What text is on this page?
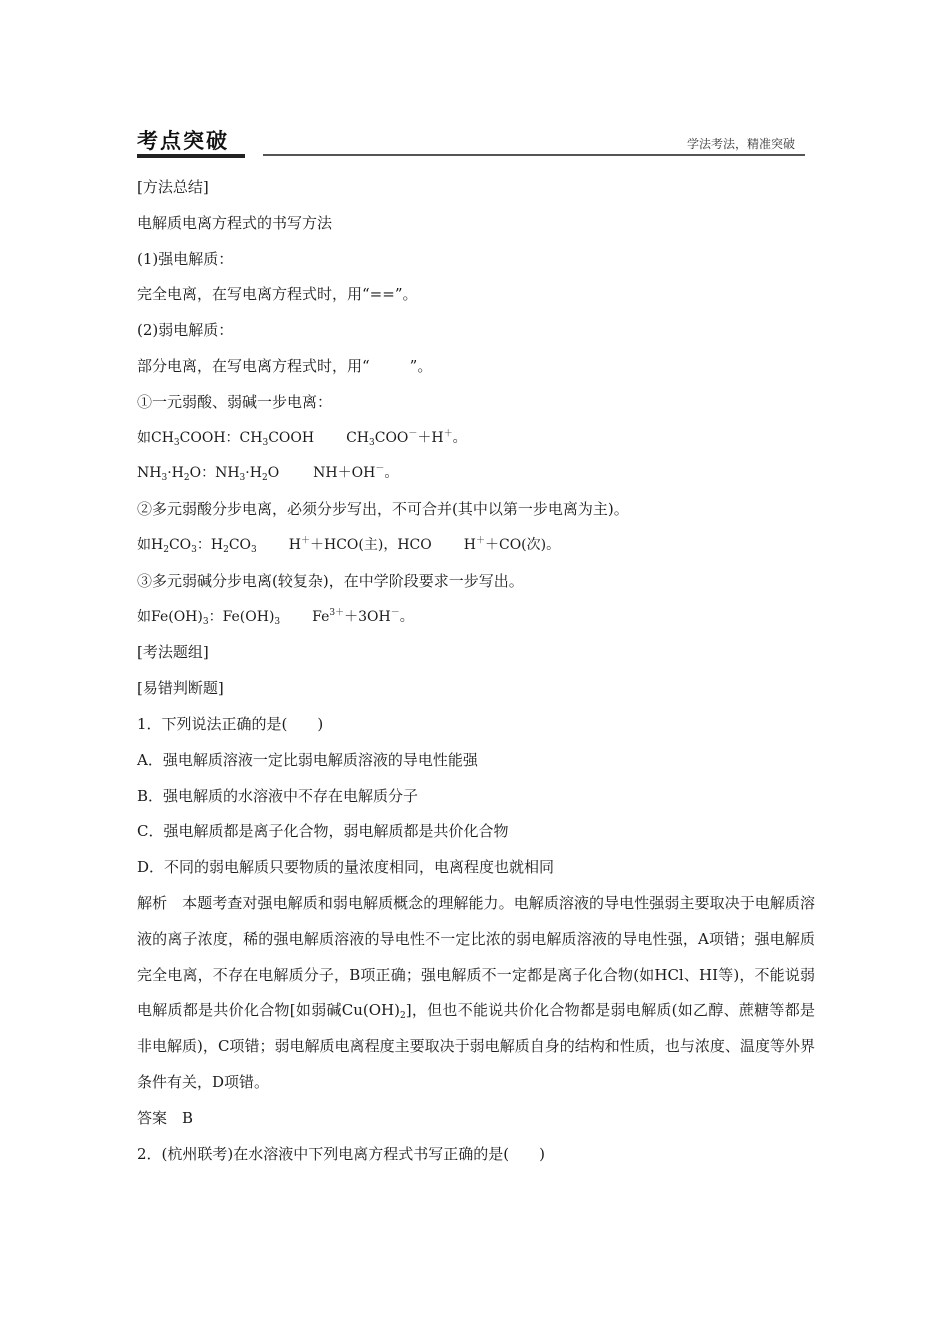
考点突破	学法考法，精准突破
[方法总结]
电解质电离方程式的书写方法
(1)强电解质：
完全电离，在写电离方程式时，用“==”。
(2)弱电解质：
部分电离，在写电离方程式时，用“	”。
①一元弱酸、弱碱一步电离：
如$CH_3COOH$：$CH_3COOH$ $CH_3COO^-+H^+$。
$NH_3\cdot H_2O$：$NH_3\cdot H_2O$ NH＋OH－。
②多元弱酸分步电离，必须分步写出，不可合并(其中以第一步电离为主)。
如$H_2CO_3$：$H_2CO_3$ H＋＋HCO(主)，HCO H＋＋CO(次)。
③多元弱碱分步电离(较复杂)，在中学阶段要求一步写出。
如$Fe(OH)_3$：$Fe(OH)_3$ $Fe^{3+}+3OH^-$。
[考法题组]
[易错判断题]
1．下列说法正确的是(　　)
A．强电解质溶液一定比弱电解质溶液的导电性能强
B．强电解质的水溶液中不存在电解质分子
C．强电解质都是离子化合物，弱电解质都是共价化合物
D．不同的弱电解质只要物质的量浓度相同，电离程度也就相同
解析　本题考查对强电解质和弱电解质概念的理解能力。电解质溶液的导电性强弱主要取决于电解质溶液的离子浓度，稀的强电解质溶液的导电性不一定比浓的弱电解质溶液的导电性强，A项错；强电解质完全电离，不存在电解质分子，B项正确；强电解质不一定都是离子化合物(如HCl、HI等)，不能说弱电解质都是共价化合物[如弱碱$Cu(OH)_2$]，但也不能说共价化合物都是弱电解质(如乙醇、蔗糖等都是非电解质)，C项错；弱电解质电离程度主要取决于弱电解质自身的结构和性质，也与浓度、温度等外界条件有关，D项错。
答案　B
2．(杭州联考)在水溶液中下列电离方程式书写正确的是(　　)
